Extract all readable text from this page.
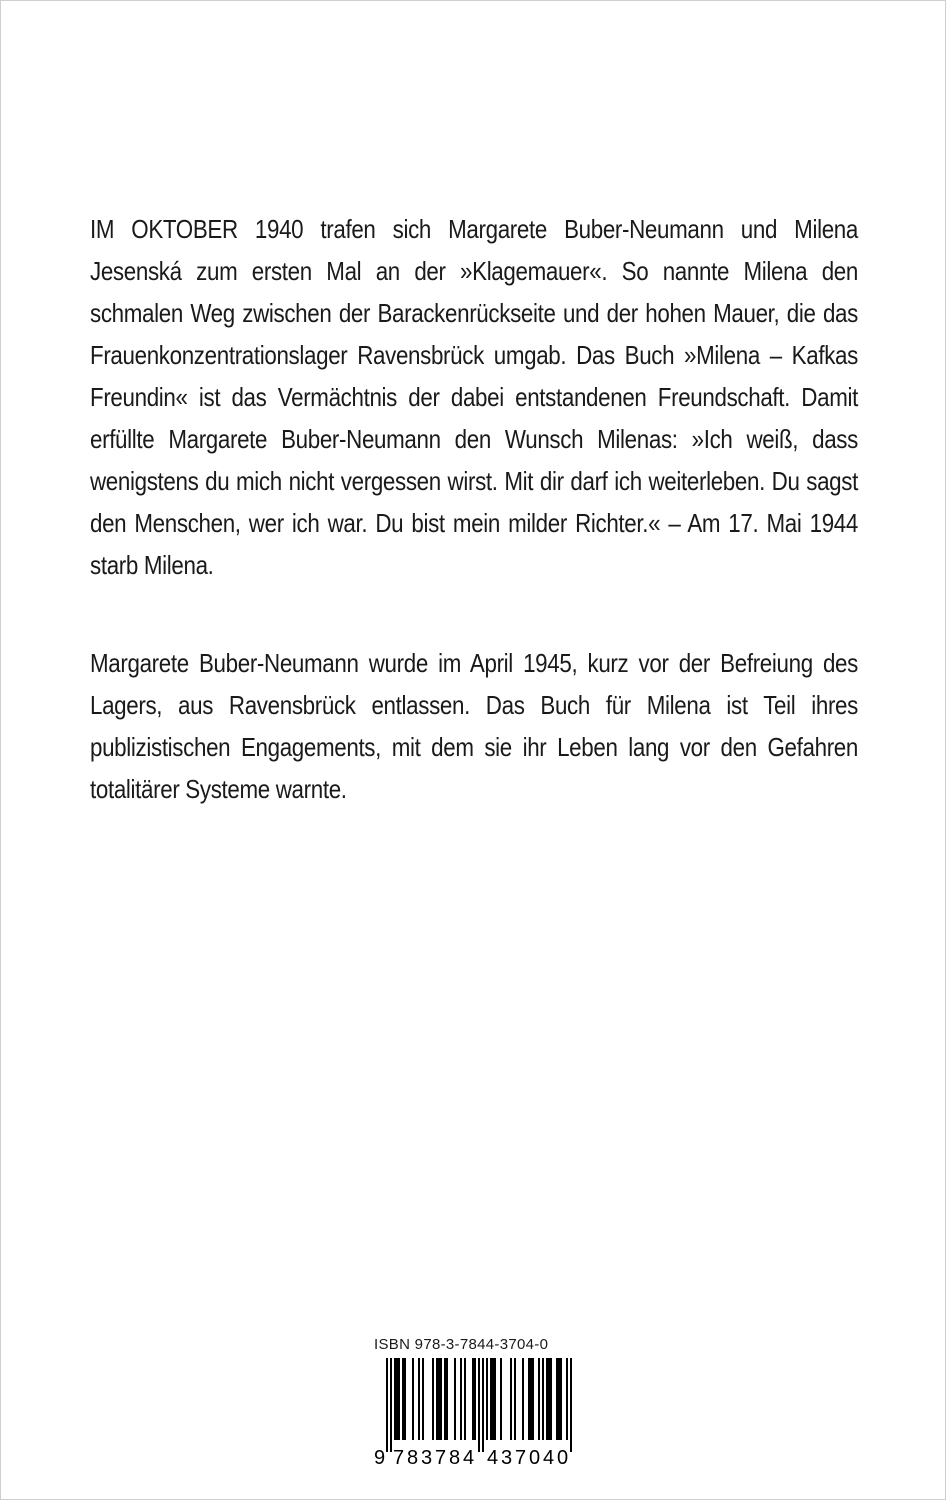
IM OKTOBER 1940 trafen sich Margarete Buber-Neumann und Milena Jesenská zum ersten Mal an der »Klagemauer«. So nannte Milena den schmalen Weg zwischen der Barackenrückseite und der hohen Mauer, die das Frauenkonzentrationslager Ravensbrück umgab. Das Buch »Milena – Kafkas Freundin« ist das Vermächtnis der dabei entstandenen Freundschaft. Damit erfüllte Margarete Buber-Neumann den Wunsch Milenas: »Ich weiß, dass wenigstens du mich nicht vergessen wirst. Mit dir darf ich weiterleben. Du sagst den Menschen, wer ich war. Du bist mein milder Richter.« – Am 17. Mai 1944 starb Milena.

Margarete Buber-Neumann wurde im April 1945, kurz vor der Befreiung des Lagers, aus Ravensbrück entlassen. Das Buch für Milena ist Teil ihres publizistischen Engagements, mit dem sie ihr Leben lang vor den Gefahren totalitärer Systeme warnte.

ISBN 978-3-7844-3704-0
9 7 8 3 7 8 4 4 3 7 0 4 0
